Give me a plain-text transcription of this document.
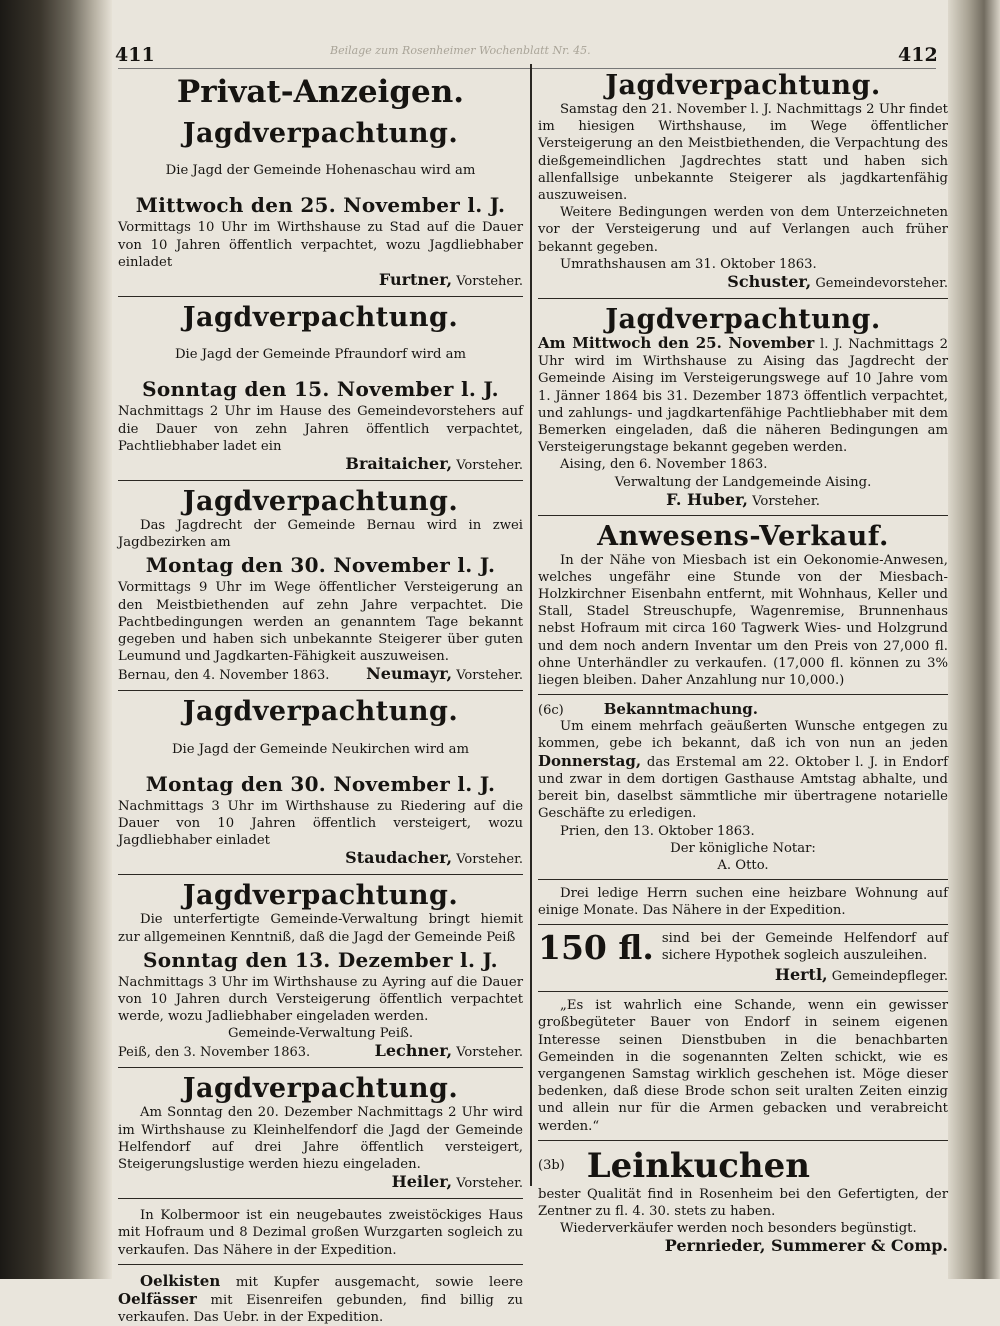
411	412
Beilage zum Rosenheimer Wochenblatt Nr. 45.
Privat-Anzeigen.
Jagdverpachtung.

Die Jagd der Gemeinde Hohenaschau wird am

Mittwoch den 25. November l. J.

Vormittags 10 Uhr im Wirthshause zu Stad auf die Dauer von 10 Jahren öffentlich verpachtet, wozu Jagdliebhaber einladet

Furtner, Vorsteher.
Jagdverpachtung.

Die Jagd der Gemeinde Pfraundorf wird am

Sonntag den 15. November l. J.

Nachmittags 2 Uhr im Hause des Gemeindevorstehers auf die Dauer von zehn Jahren öffentlich verpachtet, Pachtliebhaber ladet ein

Braitaicher, Vorsteher.
Jagdverpachtung.

Das Jagdrecht der Gemeinde Bernau wird in zwei Jagdbezirken am

Montag den 30. November l. J.

Vormittags 9 Uhr im Wege öffentlicher Versteigerung an den Meistbiethenden auf zehn Jahre verpachtet. Die Pachtbedingungen werden an genanntem Tage bekannt gegeben und haben sich unbekannte Steigerer über guten Leumund und Jagdkarten-Fähigkeit auszuweisen.

Bernau, den 4. November 1863. Neumayr, Vorsteher.
Jagdverpachtung.

Die Jagd der Gemeinde Neukirchen wird am

Montag den 30. November l. J.

Nachmittags 3 Uhr im Wirthshause zu Riedering auf die Dauer von 10 Jahren öffentlich versteigert, wozu Jagdliebhaber einladet

Staudacher, Vorsteher.
Jagdverpachtung.

Die unterfertigte Gemeinde-Verwaltung bringt hiemit zur allgemeinen Kenntniß, daß die Jagd der Gemeinde Peiß

Sonntag den 13. Dezember l. J.

Nachmittags 3 Uhr im Wirthshause zu Ayring auf die Dauer von 10 Jahren durch Versteigerung öffentlich verpachtet werde, wozu Jadliebhaber eingeladen werden.

Gemeinde-Verwaltung Peiß.
Peiß, den 3. November 1863.	Lechner, Vorsteher.
Jagdverpachtung.

Am Sonntag den 20. Dezember Nachmittags 2 Uhr wird im Wirthshause zu Kleinhelfendorf die Jagd der Gemeinde Helfendorf auf drei Jahre öffentlich versteigert, Steigerungslustige werden hiezu eingeladen.

Heiler, Vorsteher.

In Kolbermoor ist ein neugebautes zweistöckiges Haus mit Hofraum und 8 Dezimal großen Wurzgarten sogleich zu verkaufen. Das Nähere in der Expedition.

Oelkisten mit Kupfer ausgemacht, sowie leere Oelfässer mit Eisenreifen gebunden, find billig zu verkaufen. Das Uebr. in der Expedition.

Jagdverpachtung.

Samstag den 21. November l. J. Nachmittags 2 Uhr findet im hiesigen Wirthshause, im Wege öffentlicher Versteigerung an den Meistbiethenden, die Verpachtung des dießgemeindlichen Jagdrechtes statt und haben sich allenfallsige unbekannte Steigerer als jagdkartenfähig auszuweisen.

Weitere Bedingungen werden von dem Unterzeichneten vor der Versteigerung und auf Verlangen auch früher bekannt gegeben.

Umrathshausen am 31. Oktober 1863.

Schuster, Gemeindevorsteher.
Jagdverpachtung.

Am Mittwoch den 25. November l. J. Nachmittags 2 Uhr wird im Wirthshause zu Aising das Jagdrecht der Gemeinde Aising im Versteigerungswege auf 10 Jahre vom 1. Jänner 1864 bis 31. Dezember 1873 öffentlich verpachtet, und zahlungs- und jagdkartenfähige Pachtliebhaber mit dem Bemerken eingeladen, daß die näheren Bedingungen am Versteigerungstage bekannt gegeben werden.

Aising, den 6. November 1863.

Verwaltung der Landgemeinde Aising.
F. Huber, Vorsteher.
Anwesens-Verkauf.

In der Nähe von Miesbach ist ein Oekonomie-Anwesen, welches ungefähr eine Stunde von der Miesbach-Holzkirchner Eisenbahn entfernt, mit Wohnhaus, Keller und Stall, Stadel Streuschupfe, Wagenremise, Brunnenhaus nebst Hofraum mit circa 160 Tagwerk Wies- und Holzgrund und dem noch andern Inventar um den Preis von 27,000 fl. ohne Unterhändler zu verkaufen. (17,000 fl. können zu 3% liegen bleiben. Daher Anzahlung nur 10,000.)

(6c)	Bekanntmachung.

Um einem mehrfach geäußerten Wunsche entgegen zu kommen, gebe ich bekannt, daß ich von nun an jeden Donnerstag, das Erstemal am 22. Oktober l. J. in Endorf und zwar in dem dortigen Gasthause Amtstag abhalte, und bereit bin, daselbst sämmtliche mir übertragene notarielle Geschäfte zu erledigen.

Prien, den 13. Oktober 1863.

Der königliche Notar:
A. Otto.

Drei ledige Herrn suchen eine heizbare Wohnung auf einige Monate. Das Nähere in der Expedition.

150 fl. sind bei der Gemeinde Helfendorf auf sichere Hypothek sogleich auszuleihen.

Hertl, Gemeindepfleger.

„Es ist wahrlich eine Schande, wenn ein gewisser großbegüteter Bauer von Endorf in seinem eigenen Interesse seinen Dienstbuben in die benachbarten Gemeinden in die sogenannten Zelten schickt, wie es vergangenen Samstag wirklich geschehen ist. Möge dieser bedenken, daß diese Brode schon seit uralten Zeiten einzig und allein nur für die Armen gebacken und verabreicht werden.“

(3b) Leinkuchen

bester Qualität find in Rosenheim bei den Gefertigten, der Zentner zu fl. 4. 30. stets zu haben.

Wiederverkäufer werden noch besonders begünstigt.

Pernrieder, Summerer & Comp.
